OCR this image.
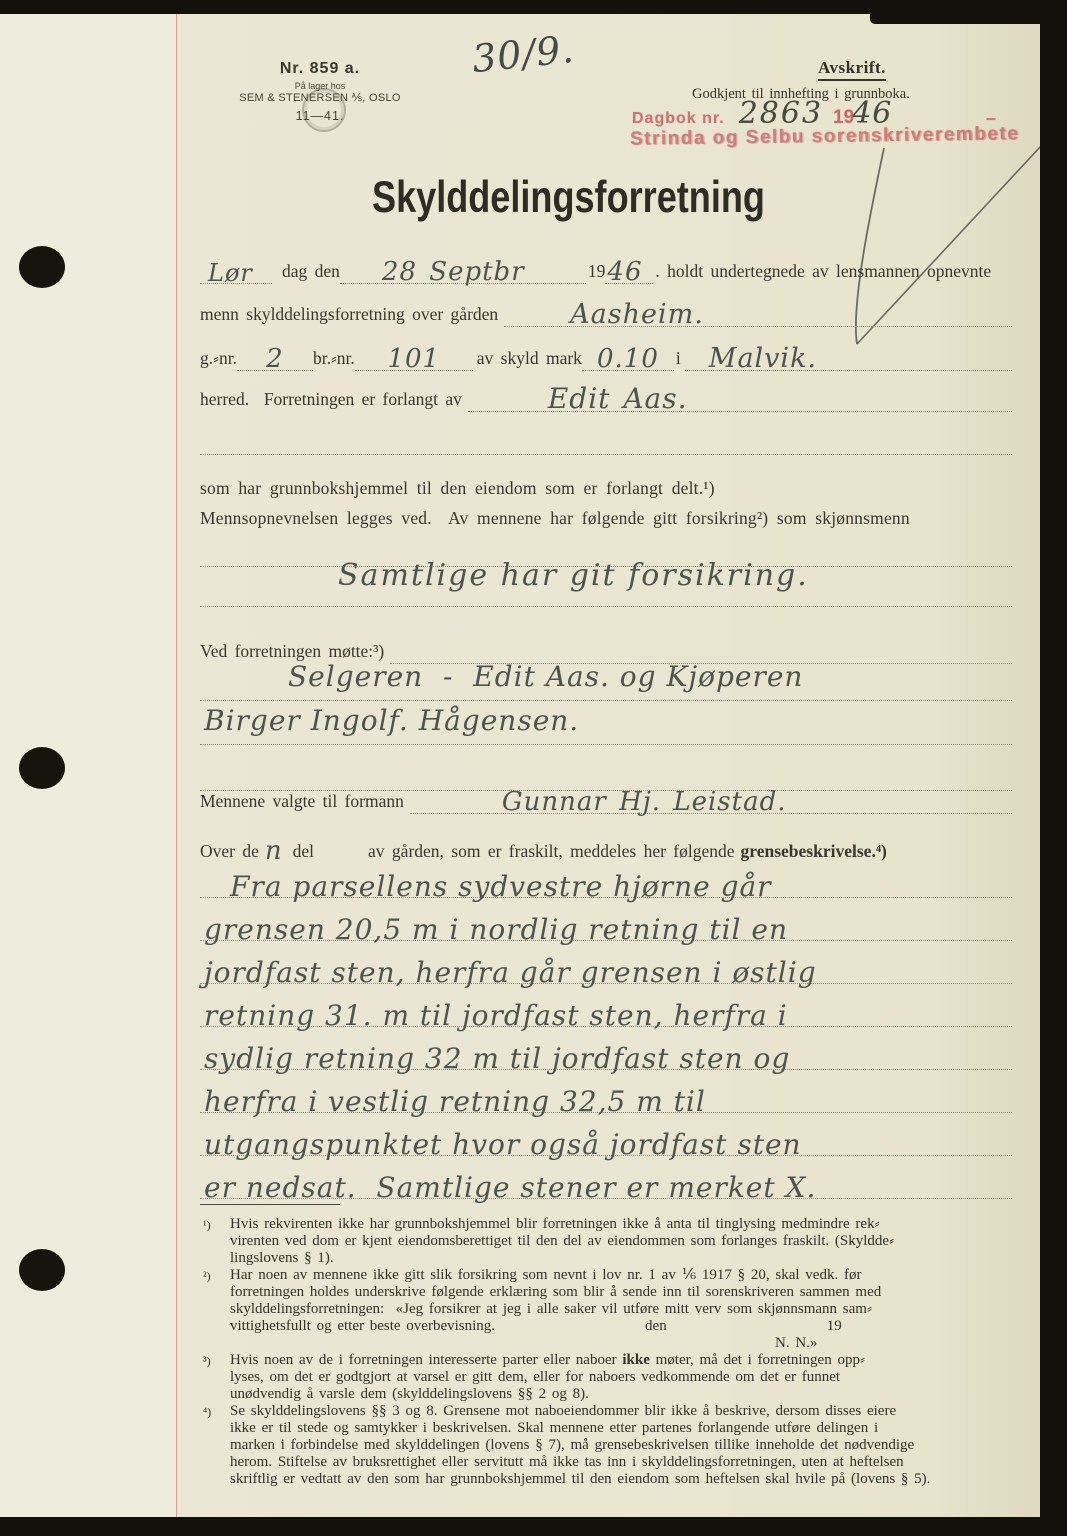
Nr. 859 a.
På lager hos
SEM & STENERSEN ⅍, OSLO
11—41.
30/9.	Avskrift.
Godkjent til innhefting i grunnboka.
Dagbok nr. 2863 19
46	–
Strinda og Selbu sorenskriverembete
Skylddelingsforretning
Lør dag den 28 Septbr	19 46 . holdt undertegnede av lensmannen opnevnte
menn skylddelingsforretning over gården	Aasheim.
g.⸗nr. 2 br.⸗nr. 101 av skyld mark 0.10 i Malvik.
herred.  Forretningen er forlangt av	Edit Aas.
som har grunnbokshjemmel til den eiendom som er forlangt delt.¹)
Mennsopnevnelsen legges ved.  Av mennene har følgende gitt forsikring²) som skjønnsmenn
Samtlige har git forsikring.
Ved forretningen møtte:³)
Selgeren  -  Edit Aas. og Kjøperen
Birger Ingolf. Hågensen.
Mennene valgte til formann	Gunnar Hj. Leistad.
Over de n del	av gården, som er fraskilt, meddeles her følgende grensebeskrivelse.⁴)
Fra parsellens sydvestre hjørne går
grensen 20,5 m i nordlig retning til en
jordfast sten, herfra går grensen i østlig
retning 31. m til jordfast sten, herfra i
sydlig retning 32 m til jordfast sten og
herfra i vestlig retning 32,5 m til
utgangspunktet hvor også jordfast sten
er nedsat.  Samtlige stener er merket X.
¹) Hvis rekvirenten ikke har grunnbokshjemmel blir forretningen ikke å anta til tinglysing medmindre rek⸗
virenten ved dom er kjent eiendomsberettiget til den del av eiendommen som forlanges fraskilt. (Skyldde⸗
lingslovens § 1).
²) Har noen av mennene ikke gitt slik forsikring som nevnt i lov nr. 1 av ⅙ 1917 § 20, skal vedk. før
forretningen holdes underskrive følgende erklæring som blir å sende inn til sorenskriveren sammen med
skylddelingsforretningen:  «Jeg forsikrer at jeg i alle saker vil utføre mitt verv som skjønnsmann sam⸗
vittighetsfullt og etter beste overbevisning.	den	19
N. N.»
³) Hvis noen av de i forretningen interesserte parter eller naboer ikke møter, må det i forretningen opp⸗
lyses, om det er godtgjort at varsel er gitt dem, eller for naboers vedkommende om det er funnet
unødvendig å varsle dem (skylddelingslovens §§ 2 og 8).
⁴) Se skylddelingslovens §§ 3 og 8. Grensene mot naboeiendommer blir ikke å beskrive, dersom disses eiere
ikke er til stede og samtykker i beskrivelsen. Skal mennene etter partenes forlangende utføre delingen i
marken i forbindelse med skylddelingen (lovens § 7), må grensebeskrivelsen tillike inneholde det nødvendige
herom. Stiftelse av bruksrettighet eller servitutt må ikke tas inn i skylddelingsforretningen, uten at heftelsen
skriftlig er vedtatt av den som har grunnbokshjemmel til den eiendom som heftelsen skal hvile på (lovens § 5).
